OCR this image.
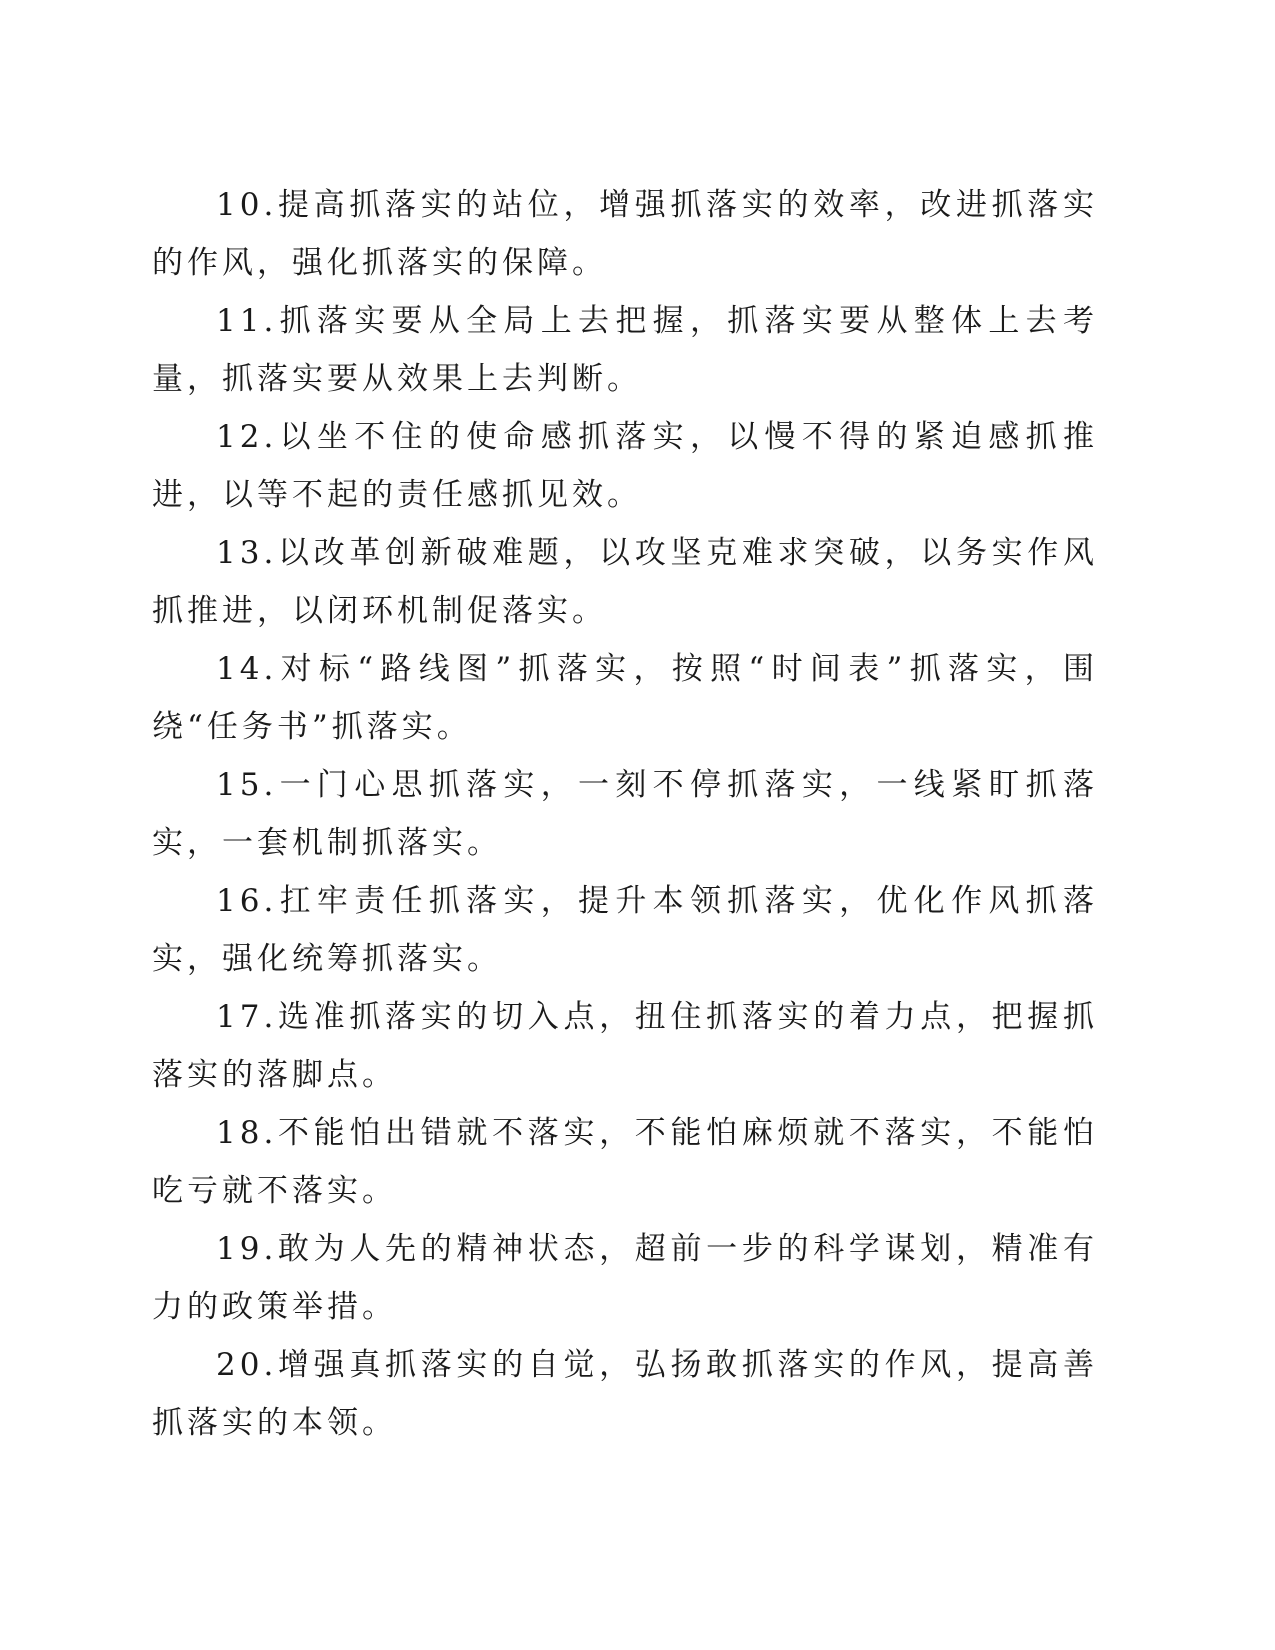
10.提高抓落实的站位，增强抓落实的效率，改进抓落实的作风，强化抓落实的保障。

11.抓落实要从全局上去把握，抓落实要从整体上去考量，抓落实要从效果上去判断。

12.以坐不住的使命感抓落实，以慢不得的紧迫感抓推进，以等不起的责任感抓见效。

13.以改革创新破难题，以攻坚克难求突破，以务实作风抓推进，以闭环机制促落实。

14.对标“路线图”抓落实，按照“时间表”抓落实，围绕“任务书”抓落实。

15.一门心思抓落实，一刻不停抓落实，一线紧盯抓落实，一套机制抓落实。

16.扛牢责任抓落实，提升本领抓落实，优化作风抓落实，强化统筹抓落实。

17.选准抓落实的切入点，扭住抓落实的着力点，把握抓落实的落脚点。

18.不能怕出错就不落实，不能怕麻烦就不落实，不能怕吃亏就不落实。

19.敢为人先的精神状态，超前一步的科学谋划，精准有力的政策举措。

20.增强真抓落实的自觉，弘扬敢抓落实的作风，提高善抓落实的本领。
